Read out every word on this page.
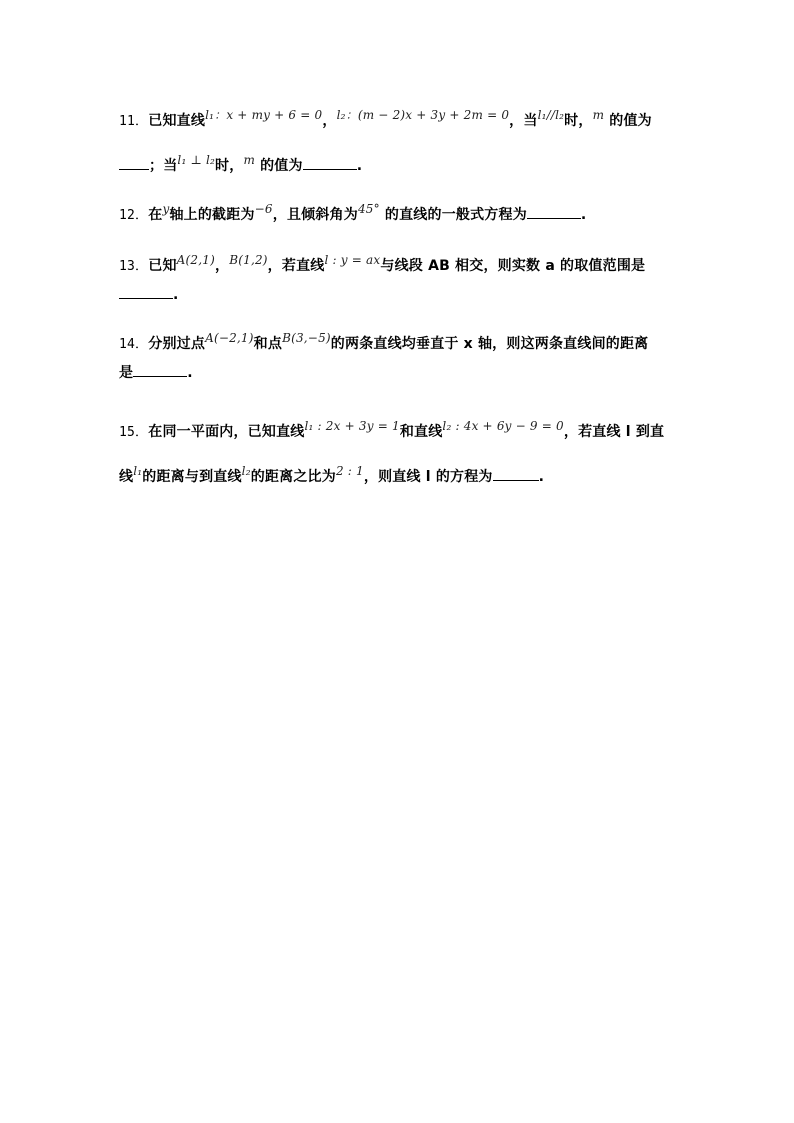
11．已知直线l₁：x + my + 6 = 0，l₂：(m − 2)x + 3y + 2m = 0，当l₁//l₂时，m 的值为
；当l₁ ⊥ l₂时，m 的值为	.
12．在y轴上的截距为−6，且倾斜角为45° 的直线的一般式方程为	.
13．已知A(2,1)，B(1,2)，若直线l : y = ax与线段 AB 相交，则实数 a 的取值范围是
.
14．分别过点A(−2,1)和点B(3,−5)的两条直线均垂直于 x 轴，则这两条直线间的距离
是	.
15．在同一平面内，已知直线l₁ : 2x + 3y = 1和直线l₂ : 4x + 6y − 9 = 0，若直线 l 到直
线l₁的距离与到直线l₂的距离之比为2 : 1，则直线 l 的方程为	.
